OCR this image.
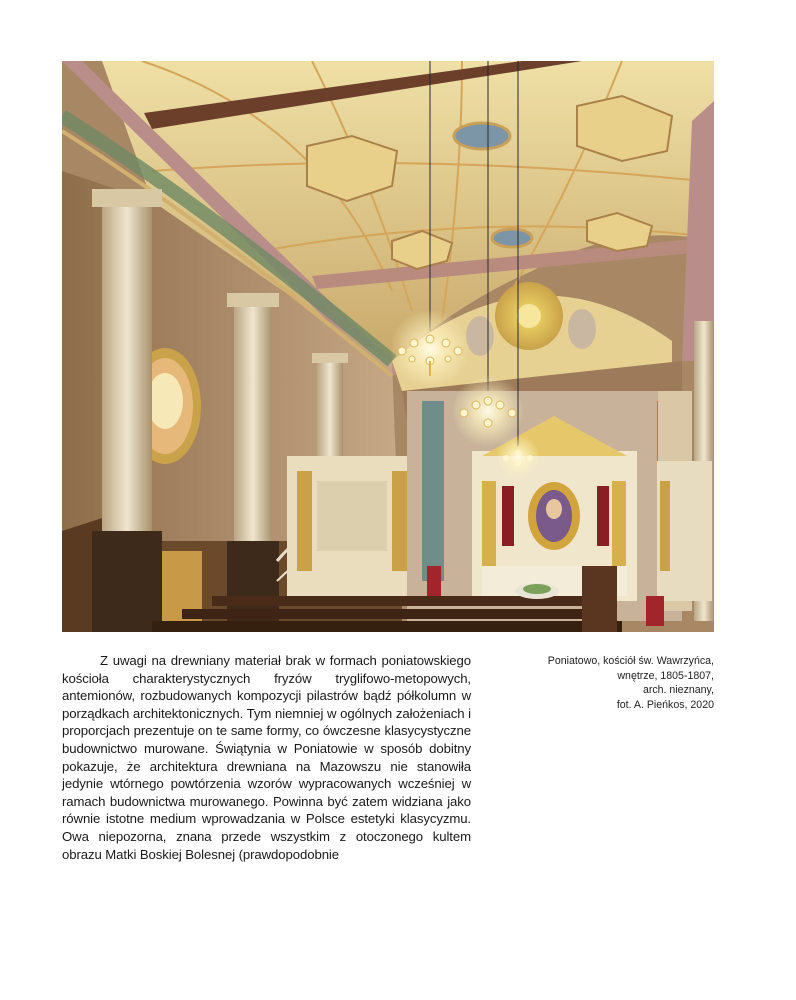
Z uwagi na drewniany materiał brak w formach poniatowskiego kościoła charakterystycznych fryzów tryglifowo-metopowych, antemionów, rozbudowanych kompozycji pilastrów bądź półkolumn w porządkach architektonicznych. Tym niemniej w ogólnych założeniach i proporcjach prezentuje on te same formy, co ówczesne klasycystyczne budownictwo murowane. Świątynia w Poniatowie w sposób dobitny pokazuje, że architektura drewniana na Mazowszu nie stanowiła jedynie wtórnego powtórzenia wzorów wypracowanych wcześniej w ramach budownictwa murowanego. Powinna być zatem widziana jako równie istotne medium wprowadzania w Polsce estetyki klasycyzmu. Owa niepozorna, znana przede wszystkim z otoczonego kultem obrazu Matki Boskiej Bolesnej (prawdopodobnie

Poniatowo, kościół św. Wawrzyńca,
wnętrze, 1805-1807,
arch. nieznany,
fot. A. Pieńkos, 2020
